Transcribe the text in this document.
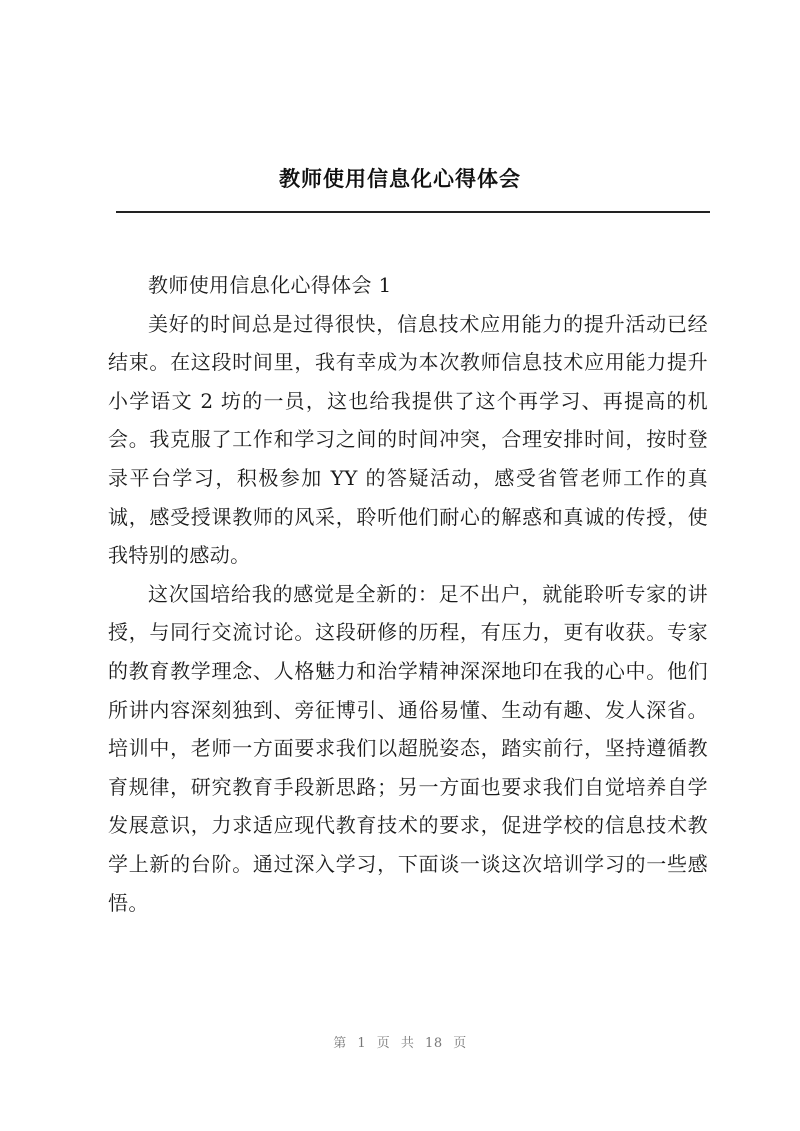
教师使用信息化心得体会

教师使用信息化心得体会 1

美好的时间总是过得很快，信息技术应用能力的提升活动已经结束。在这段时间里，我有幸成为本次教师信息技术应用能力提升小学语文 2 坊的一员，这也给我提供了这个再学习、再提高的机会。我克服了工作和学习之间的时间冲突，合理安排时间，按时登录平台学习，积极参加 YY 的答疑活动，感受省管老师工作的真诚，感受授课教师的风采，聆听他们耐心的解惑和真诚的传授，使我特别的感动。

这次国培给我的感觉是全新的：足不出户，就能聆听专家的讲授，与同行交流讨论。这段研修的历程，有压力，更有收获。专家的教育教学理念、人格魅力和治学精神深深地印在我的心中。他们所讲内容深刻独到、旁征博引、通俗易懂、生动有趣、发人深省。培训中，老师一方面要求我们以超脱姿态，踏实前行，坚持遵循教育规律，研究教育手段新思路；另一方面也要求我们自觉培养自学发展意识，力求适应现代教育技术的要求，促进学校的信息技术教学上新的台阶。通过深入学习，下面谈一谈这次培训学习的一些感悟。

第 1 页 共 18 页
